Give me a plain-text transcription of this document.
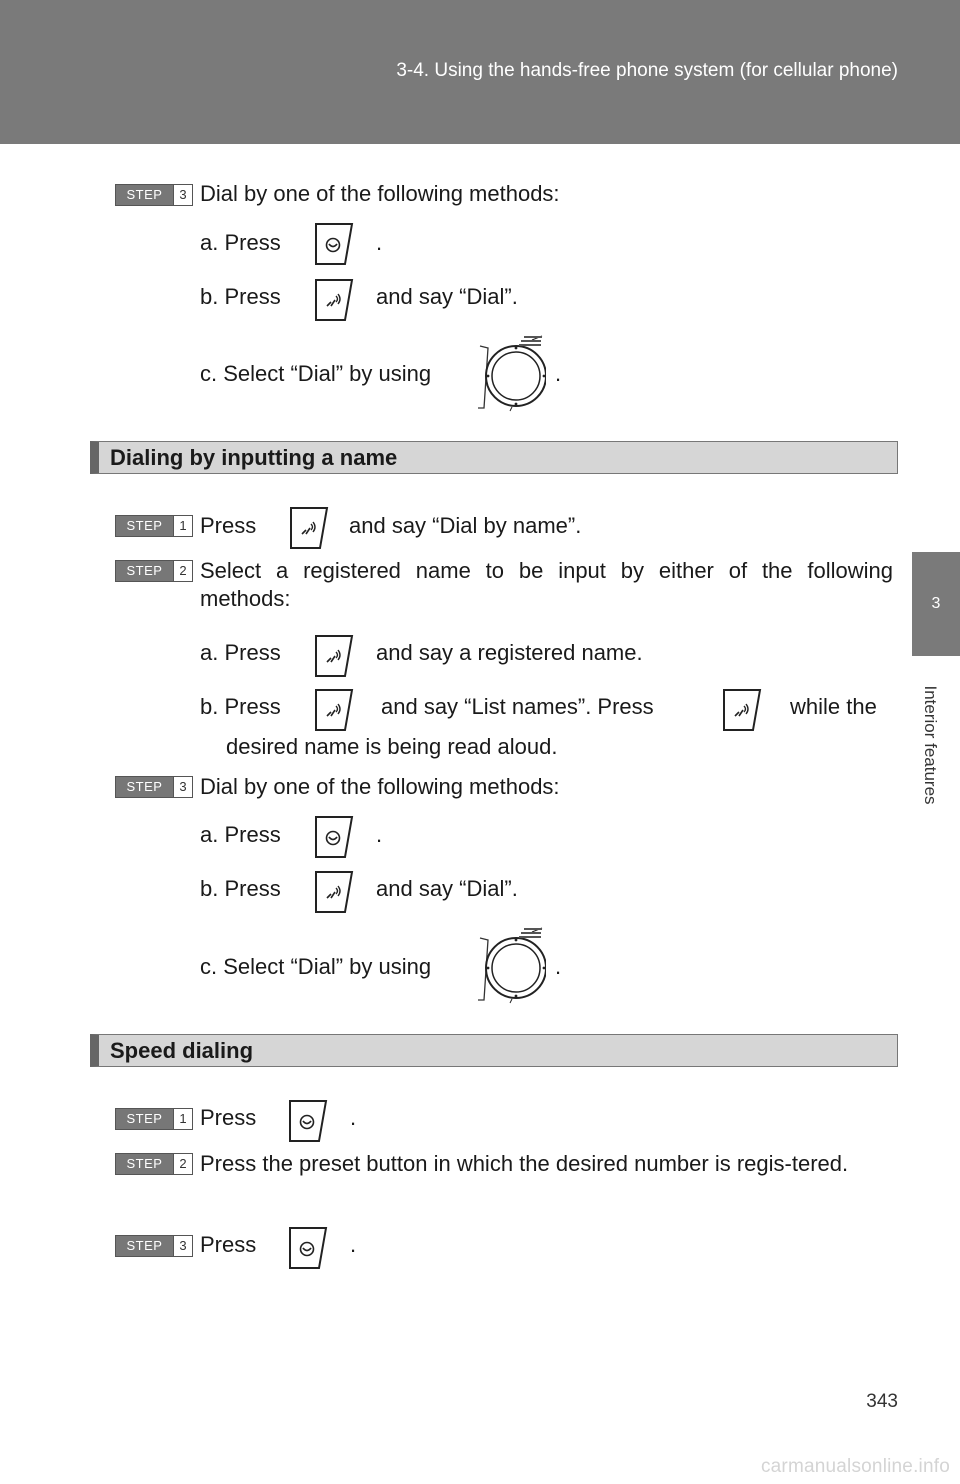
3-4. Using the hands-free phone system (for cellular phone)
3
Interior features
STEP	3 Dial by one of the following methods:
a. Press	.
b. Press	and say “Dial”.
c. Select “Dial” by using	.
Dialing by inputting a name
STEP	1 Press	and say “Dial by name”.
STEP	2 Select a registered name to be input by either of the following methods:
a. Press	and say a registered name.
b. Press	and say “List names”. Press	while the
desired name is being read aloud.
STEP	3 Dial by one of the following methods:
a. Press	.
b. Press	and say “Dial”.
c. Select “Dial” by using	.
Speed dialing
STEP	1 Press	.
STEP	2 Press the preset button in which the desired number is regis-tered.
STEP	3 Press	.
343
carmanualsonline.info
